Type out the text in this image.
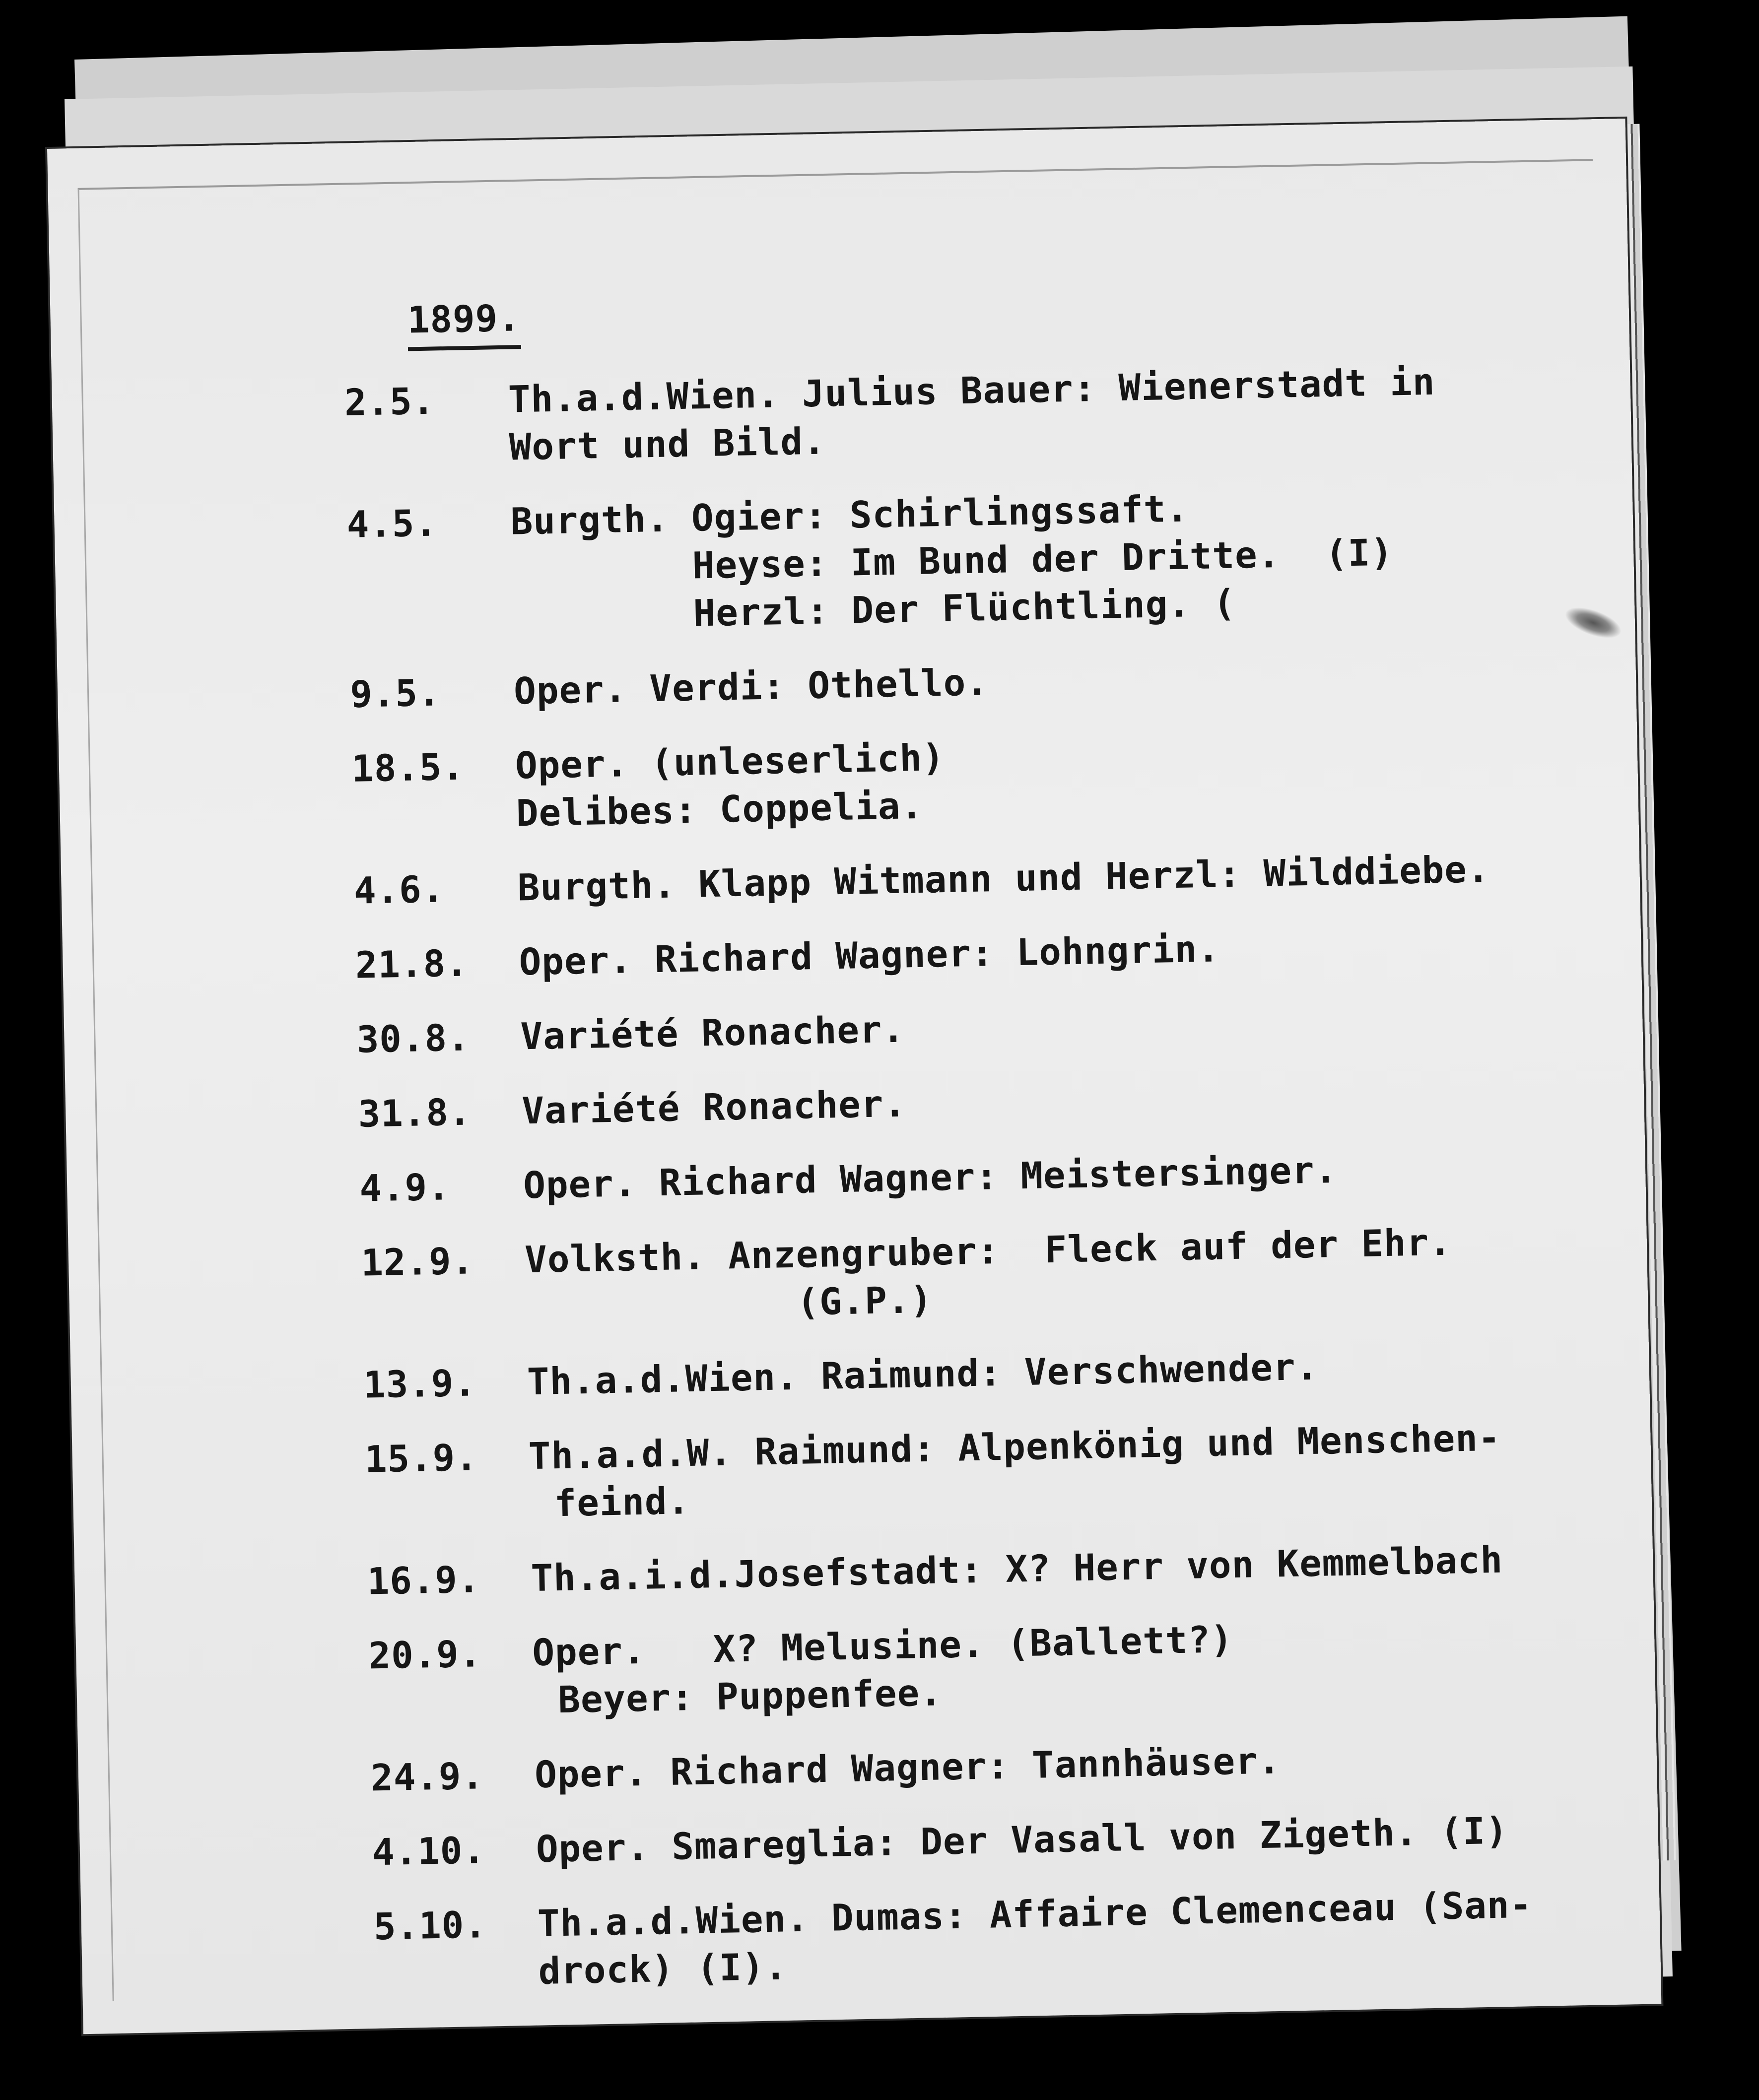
1899.
2.5.	Th.a.d.Wien. Julius Bauer: Wienerstadt in
Wort und Bild.
4.5.	Burgth. Ogier: Schirlingssaft.
Heyse: Im Bund der Dritte.  (I)
Herzl: Der Flüchtling. (
9.5.	Oper. Verdi: Othello.
18.5.	Oper. (unleserlich)
Delibes: Coppelia.
4.6.	Burgth. Klapp Witmann und Herzl: Wilddiebe.
21.8.	Oper. Richard Wagner: Lohngrin.
30.8.	Variété Ronacher.
31.8.	Variété Ronacher.
4.9.	Oper. Richard Wagner: Meistersinger.
12.9.	Volksth. Anzengruber:  Fleck auf der Ehr.
(G.P.)
13.9.	Th.a.d.Wien. Raimund: Verschwender.
15.9.	Th.a.d.W. Raimund: Alpenkönig und Menschen-
feind.
16.9.	Th.a.i.d.Josefstadt: X? Herr von Kemmelbach
20.9.	Oper.   X? Melusine. (Ballett?)
Beyer: Puppenfee.
24.9.	Oper. Richard Wagner: Tannhäuser.
4.10.	Oper. Smareglia: Der Vasall von Zigeth. (I)
5.10.	Th.a.d.Wien. Dumas: Affaire Clemenceau (San-
drock) (I).
